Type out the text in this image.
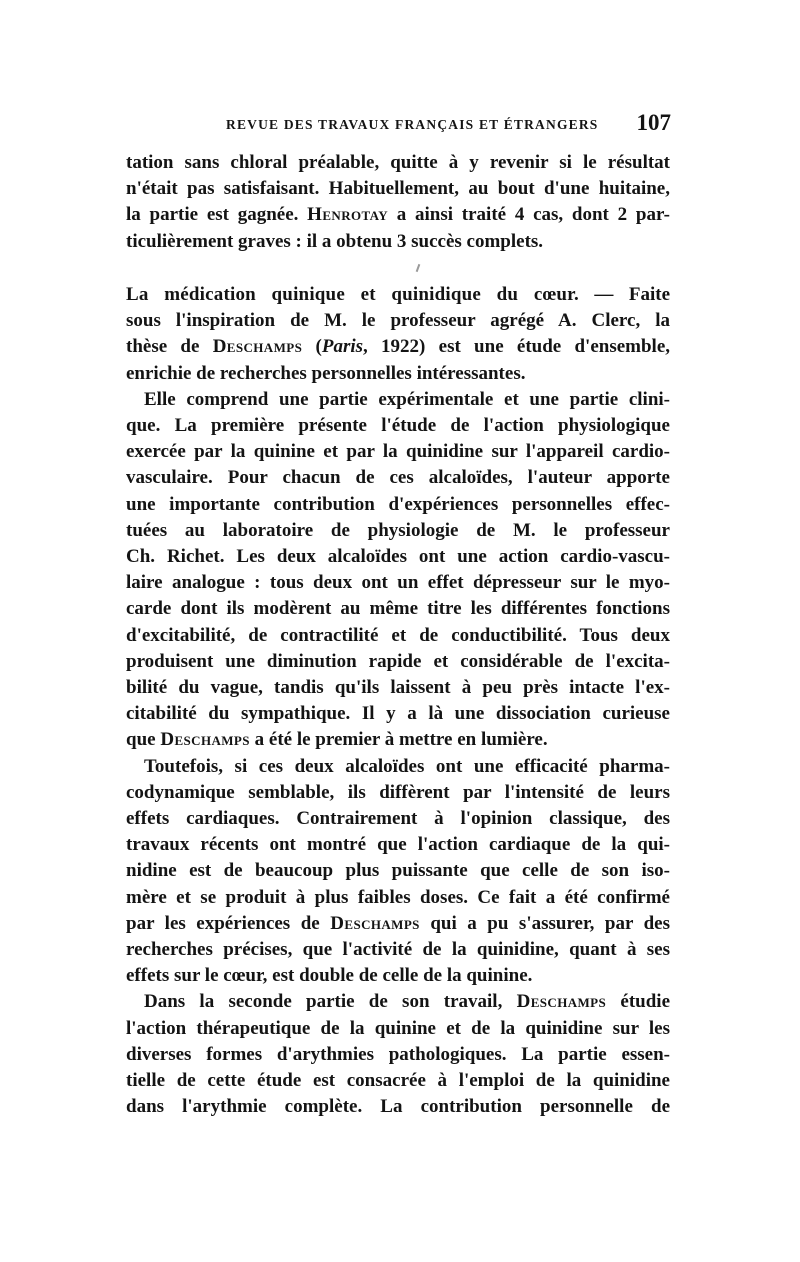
REVUE DES TRAVAUX FRANÇAIS ET ÉTRANGERS 107
tation sans chloral préalable, quitte à y revenir si le résultat
n'était pas satisfaisant. Habituellement, au bout d'une huitaine,
la partie est gagnée. Henrotay a ainsi traité 4 cas, dont 2 par-
ticulièrement graves : il a obtenu 3 succès complets.

La médication quinique et quinidique du cœur. — Faite
sous l'inspiration de M. le professeur agrégé A. Clerc, la
thèse de Deschamps (Paris, 1922) est une étude d'ensemble,
enrichie de recherches personnelles intéressantes.

Elle comprend une partie expérimentale et une partie clini-
que. La première présente l'étude de l'action physiologique
exercée par la quinine et par la quinidine sur l'appareil cardio-
vasculaire. Pour chacun de ces alcaloïdes, l'auteur apporte
une importante contribution d'expériences personnelles effec-
tuées au laboratoire de physiologie de M. le professeur
Ch. Richet. Les deux alcaloïdes ont une action cardio-vascu-
laire analogue : tous deux ont un effet dépresseur sur le myo-
carde dont ils modèrent au même titre les différentes fonctions
d'excitabilité, de contractilité et de conductibilité. Tous deux
produisent une diminution rapide et considérable de l'excita-
bilité du vague, tandis qu'ils laissent à peu près intacte l'ex-
citabilité du sympathique. Il y a là une dissociation curieuse
que Deschamps a été le premier à mettre en lumière.

Toutefois, si ces deux alcaloïdes ont une efficacité pharma-
codynamique semblable, ils diffèrent par l'intensité de leurs
effets cardiaques. Contrairement à l'opinion classique, des
travaux récents ont montré que l'action cardiaque de la qui-
nidine est de beaucoup plus puissante que celle de son iso-
mère et se produit à plus faibles doses. Ce fait a été confirmé
par les expériences de Deschamps qui a pu s'assurer, par des
recherches précises, que l'activité de la quinidine, quant à ses
effets sur le cœur, est double de celle de la quinine.

Dans la seconde partie de son travail, Deschamps étudie
l'action thérapeutique de la quinine et de la quinidine sur les
diverses formes d'arythmies pathologiques. La partie essen-
tielle de cette étude est consacrée à l'emploi de la quinidine
dans l'arythmie complète. La contribution personnelle de
